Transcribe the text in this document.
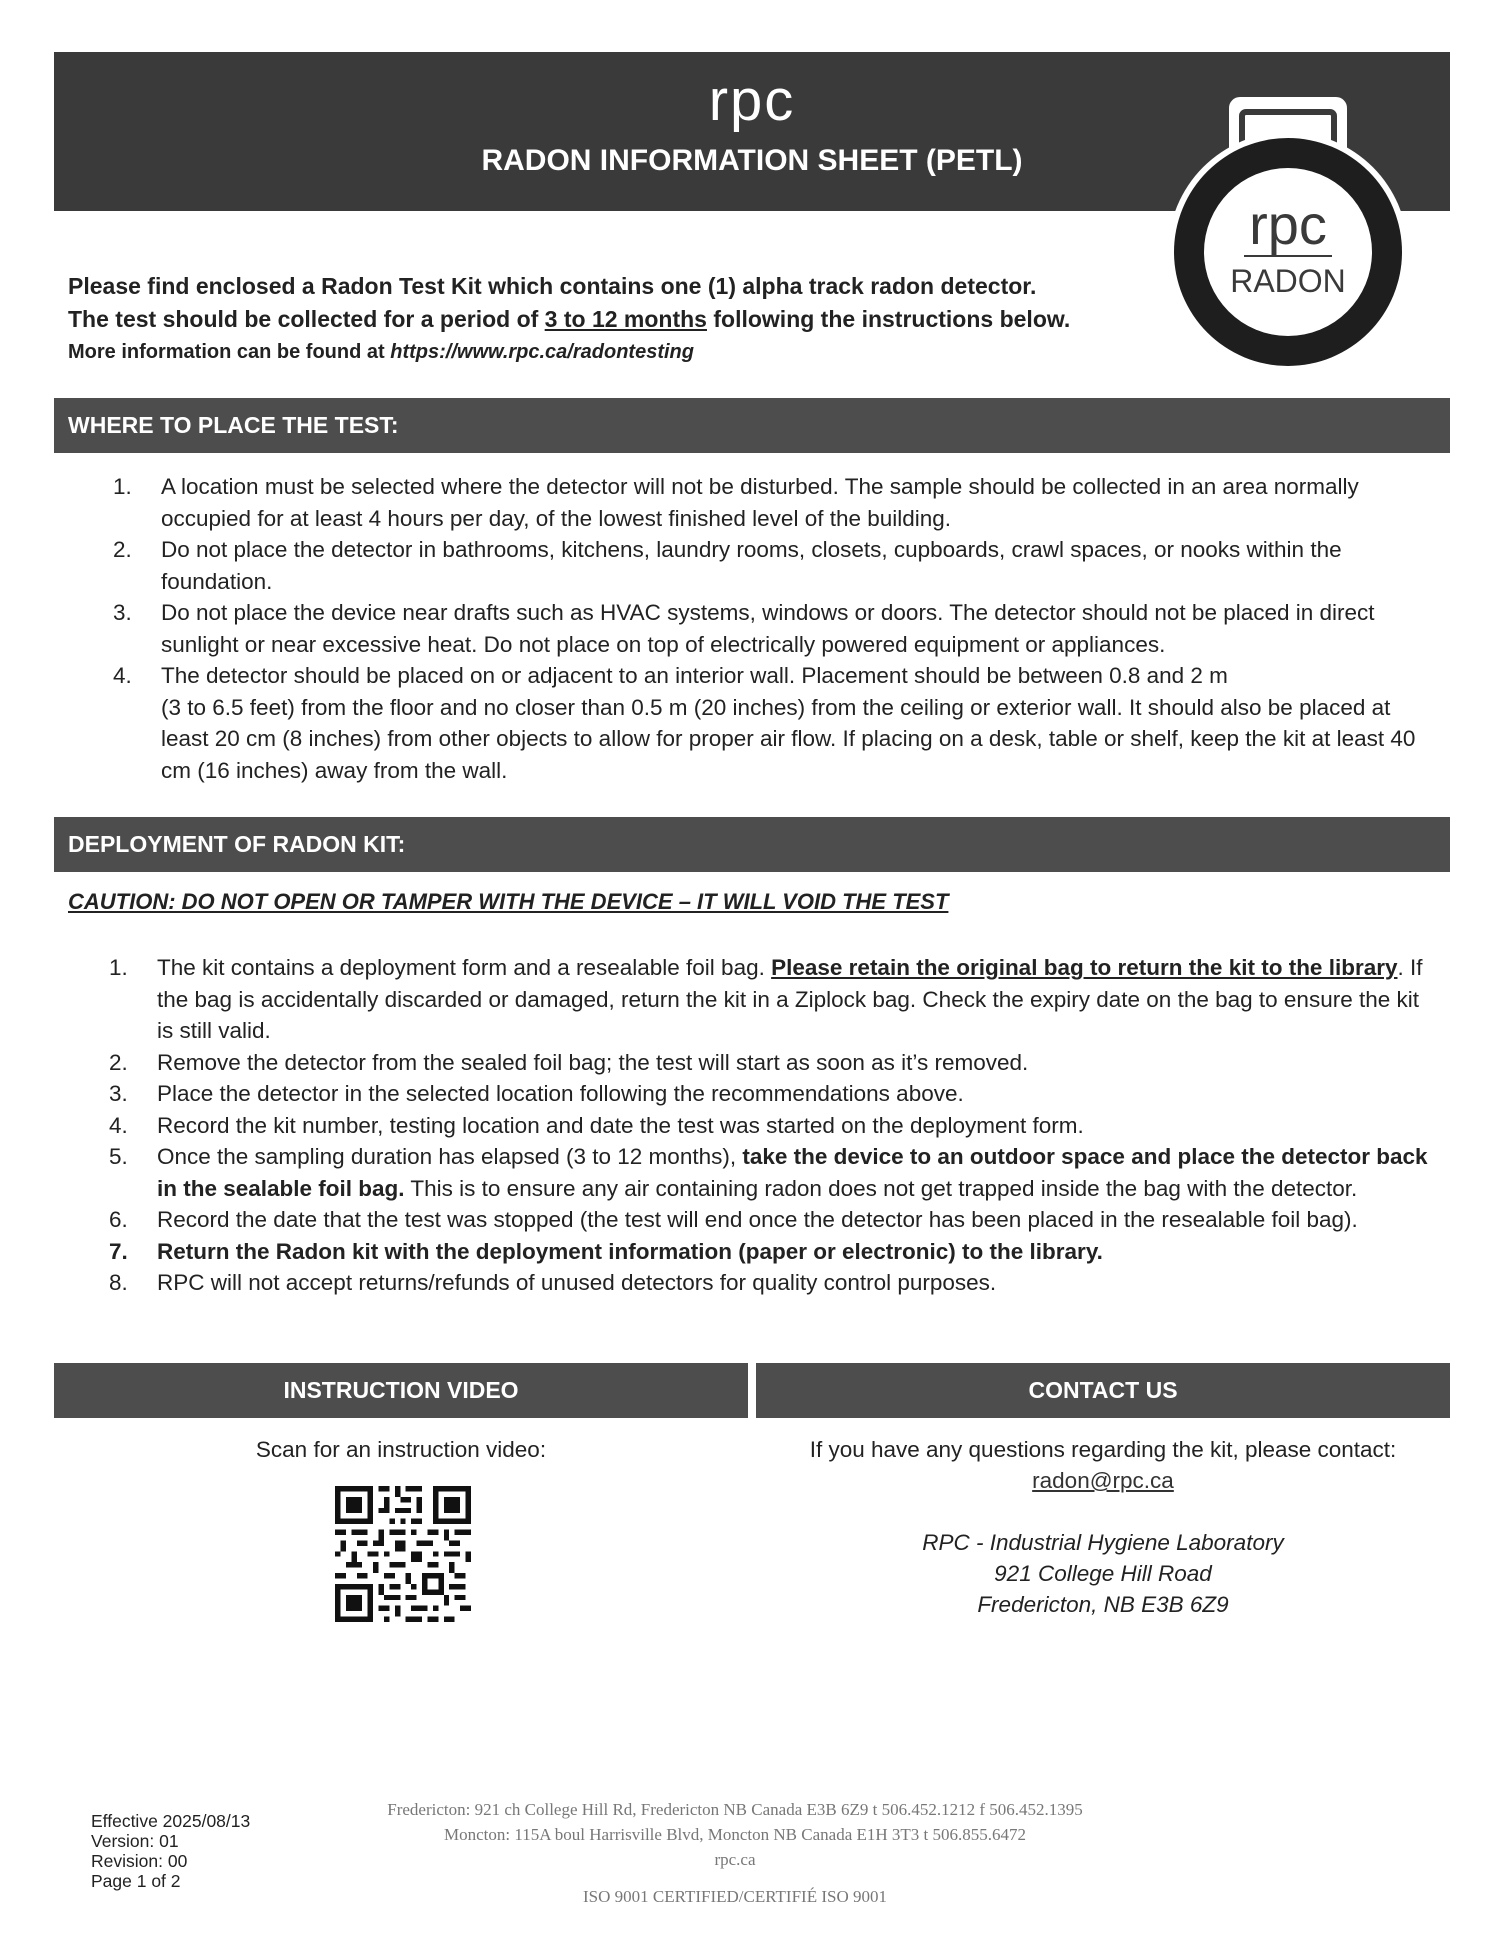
rpc
RADON INFORMATION SHEET (PETL)
rpc
RADON
Please find enclosed a Radon Test Kit which contains one (1) alpha track radon detector.
The test should be collected for a period of 3 to 12 months following the instructions below.
More information can be found at https://www.rpc.ca/radontesting
WHERE TO PLACE THE TEST:
1.	A location must be selected where the detector will not be disturbed. The sample should be collected in an area normally occupied for at least 4 hours per day, of the lowest finished level of the building.
2.	Do not place the detector in bathrooms, kitchens, laundry rooms, closets, cupboards, crawl spaces, or nooks within the foundation.
3.	Do not place the device near drafts such as HVAC systems, windows or doors. The detector should not be placed in direct sunlight or near excessive heat. Do not place on top of electrically powered equipment or appliances.
4.	The detector should be placed on or adjacent to an interior wall. Placement should be between 0.8 and 2 m
(3 to 6.5 feet) from the floor and no closer than 0.5 m (20 inches) from the ceiling or exterior wall. It should also be placed at least 20 cm (8 inches) from other objects to allow for proper air flow. If placing on a desk, table or shelf, keep the kit at least 40 cm (16 inches) away from the wall.
DEPLOYMENT OF RADON KIT:
CAUTION: DO NOT OPEN OR TAMPER WITH THE DEVICE – IT WILL VOID THE TEST
1.	The kit contains a deployment form and a resealable foil bag. Please retain the original bag to return the kit to the library. If the bag is accidentally discarded or damaged, return the kit in a Ziplock bag. Check the expiry date on the bag to ensure the kit is still valid.
2.	Remove the detector from the sealed foil bag; the test will start as soon as it’s removed.
3.	Place the detector in the selected location following the recommendations above.
4.	Record the kit number, testing location and date the test was started on the deployment form.
5.	Once the sampling duration has elapsed (3 to 12 months), take the device to an outdoor space and place the detector back in the sealable foil bag. This is to ensure any air containing radon does not get trapped inside the bag with the detector.
6.	Record the date that the test was stopped (the test will end once the detector has been placed in the resealable foil bag).
7.	Return the Radon kit with the deployment information (paper or electronic) to the library.
8.	RPC will not accept returns/refunds of unused detectors for quality control purposes.
INSTRUCTION VIDEO	CONTACT US
Scan for an instruction video:	If you have any questions regarding the kit, please contact:
radon@rpc.ca
RPC - Industrial Hygiene Laboratory
921 College Hill Road
Fredericton, NB E3B 6Z9
Fredericton: 921 ch College Hill Rd, Fredericton NB Canada E3B 6Z9 t 506.452.1212 f 506.452.1395
Moncton: 115A boul Harrisville Blvd, Moncton NB Canada E1H 3T3 t 506.855.6472
rpc.ca
ISO 9001 CERTIFIED/CERTIFIÉ ISO 9001
Effective 2025/08/13
Version: 01
Revision: 00
Page 1 of 2
